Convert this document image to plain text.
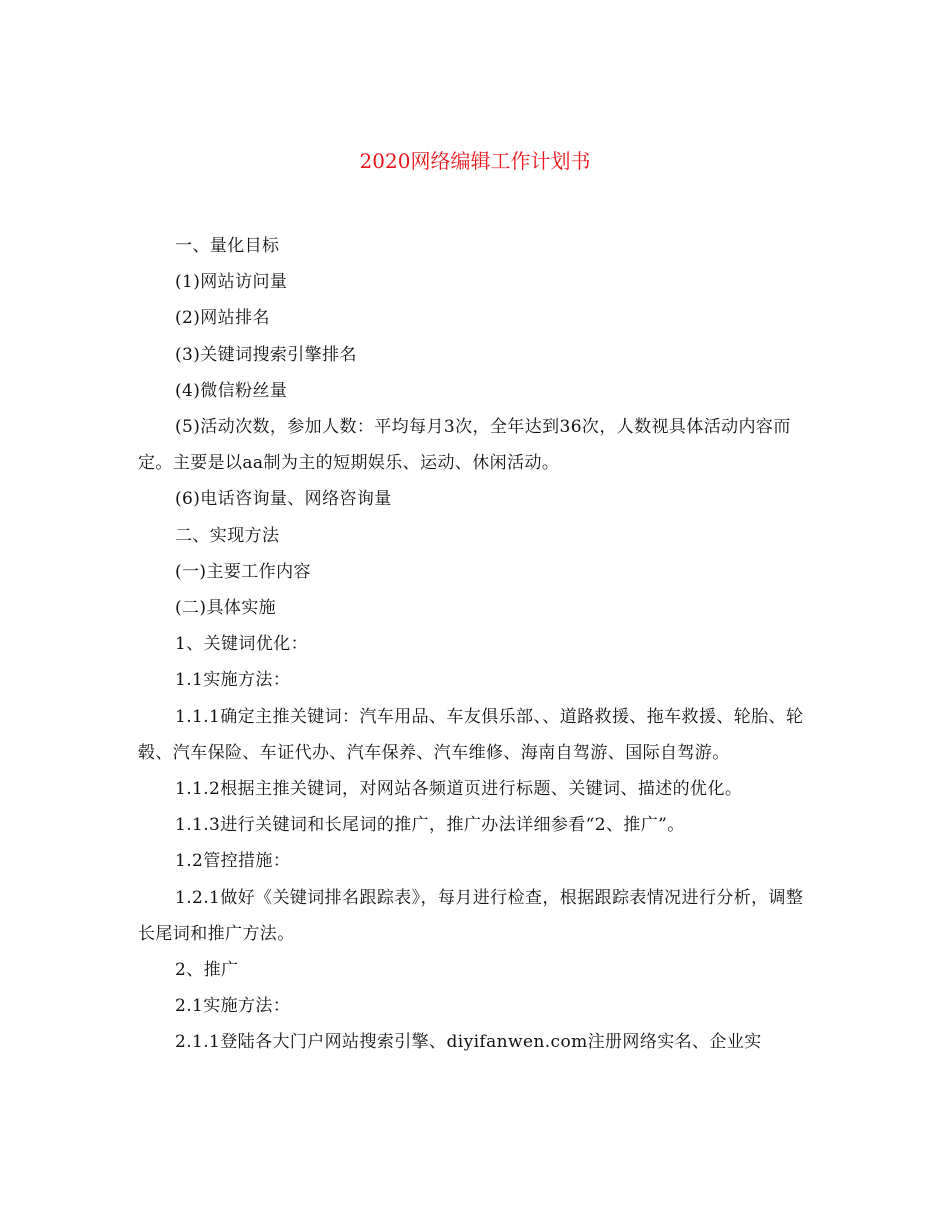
2020网络编辑工作计划书

一、量化目标

(1)网站访问量

(2)网站排名

(3)关键词搜索引擎排名

(4)微信粉丝量

(5)活动次数，参加人数：平均每月3次，全年达到36次，人数视具体活动内容而定。主要是以aa制为主的短期娱乐、运动、休闲活动。

(6)电话咨询量、网络咨询量

二、实现方法

(一)主要工作内容

(二)具体实施

1、关键词优化：

1.1实施方法：

1.1.1确定主推关键词：汽车用品、车友俱乐部、、道路救援、拖车救援、轮胎、轮毂、汽车保险、车证代办、汽车保养、汽车维修、海南自驾游、国际自驾游。

1.1.2根据主推关键词，对网站各频道页进行标题、关键词、描述的优化。

1.1.3进行关键词和长尾词的推广，推广办法详细参看“2、推广”。

1.2管控措施：

1.2.1做好《关键词排名跟踪表》，每月进行检查，根据跟踪表情况进行分析，调整长尾词和推广方法。

2、推广

2.1实施方法：

2.1.1登陆各大门户网站搜索引擎、diyifanwen.com注册网络实名、企业实
